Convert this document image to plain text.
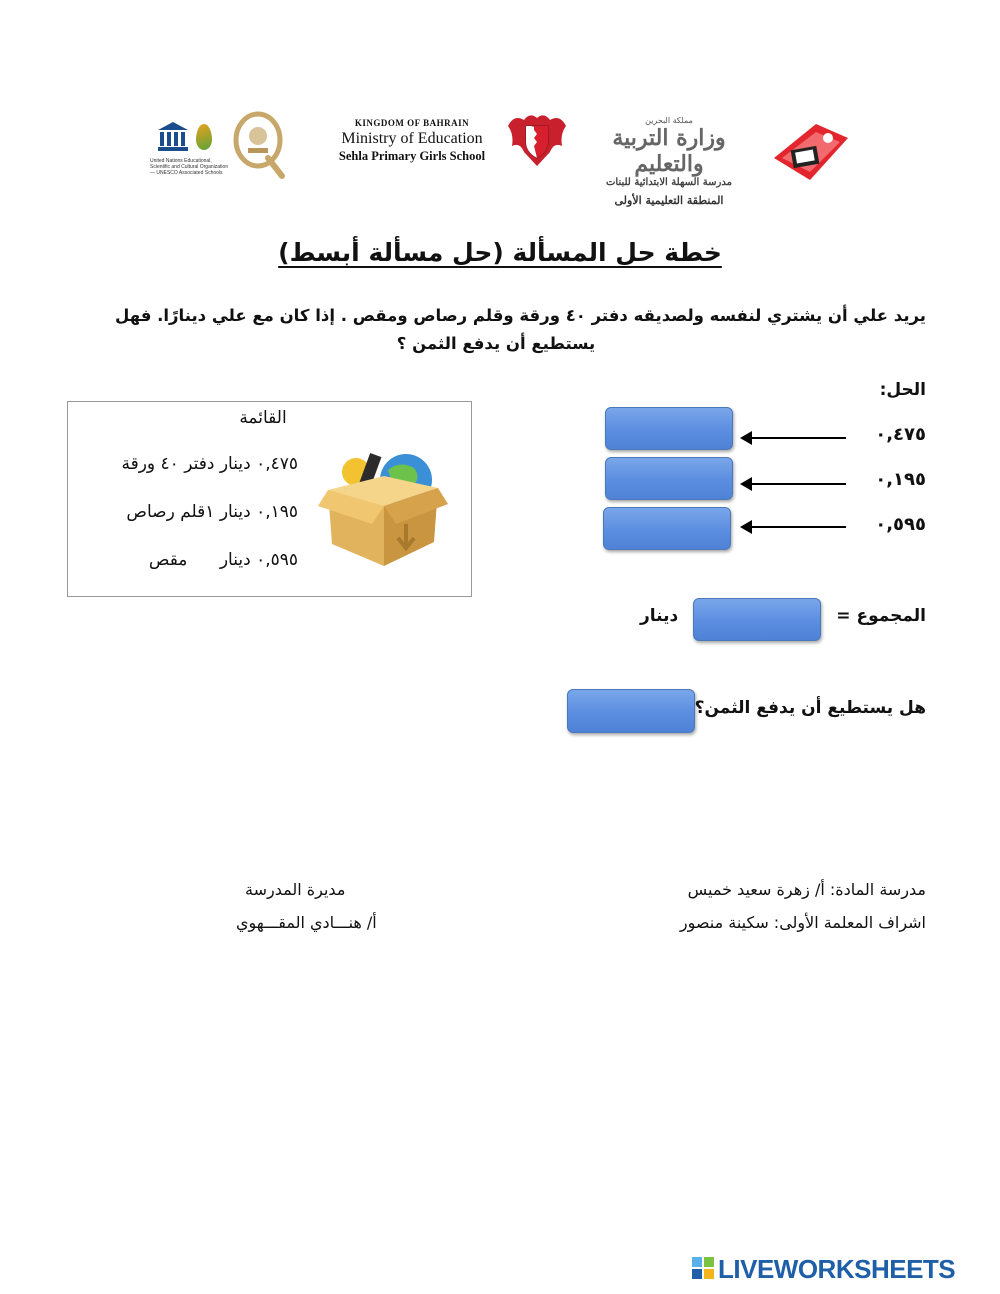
United Nations Educational, Scientific and Cultural Organization — UNESCO Associated Schools
KINGDOM OF BAHRAIN
Ministry of Education
Sehla Primary Girls School
مملكة البحرين
وزارة التربية والتعليم
مدرسة السهلة الابتدائية للبنات
المنطقة التعليمية الأولى
خطة حل المسألة (حل مسألة أبسط)
يريد علي أن يشتري لنفسه ولصديقه دفتر ٤٠ ورقة وقلم رصاص ومقص . إذا كان مع علي دينارًا. فهل
يستطيع أن يدفع الثمن ؟
الحل:
٠,٤٧٥
٠,١٩٥
٠,٥٩٥
المجموع =
دينار
هل يستطيع أن يدفع الثمن؟
القائمة
٠,٤٧٥ دينار دفتر ٤٠ ورقة
٠,١٩٥ دينار ١قلم رصاص
٠,٥٩٥ دينار      مقص
مدرسة المادة: أ/ زهرة سعيد خميس
اشراف المعلمة الأولى: سكينة منصور
مديرة المدرسة
أ/ هنـــادي المقـــهوي
LIVEWORKSHEETS
